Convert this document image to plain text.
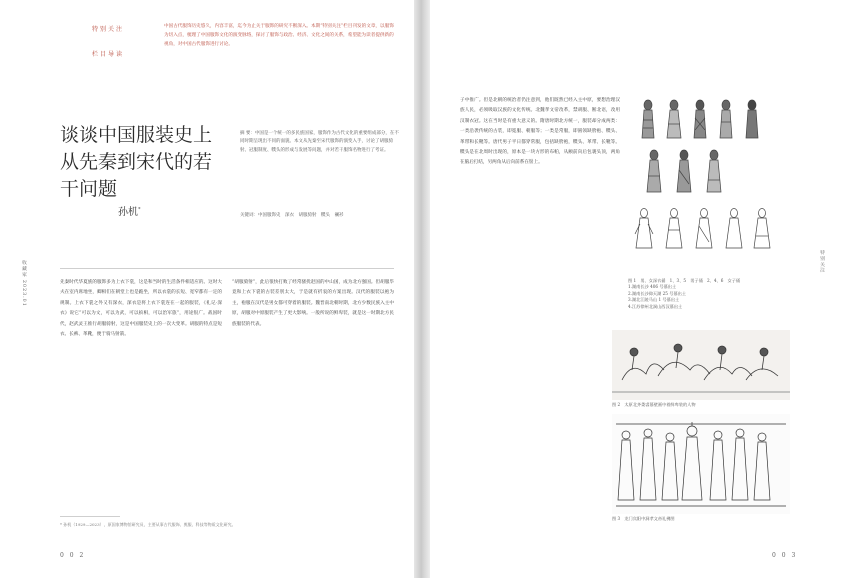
特别关注
栏目导读

中国古代服饰历史悠久，内容丰富，迄今为止关于服饰的研究不断深入。本期“特别关注”栏目刊发的文章，以服饰为切入点，梳理了中国服饰文化的演变脉络，探讨了服饰与政治、经济、文化之间的关系，希望能为读者提供新的视角，对中国古代服饰进行讨论。

收藏家 2023.01
谈谈中国服装史上从先秦到宋代的若干问题
孙机*

摘 要：中国是一个统一的多民族国家，服饰作为古代文化的重要组成部分，在不同时期呈现出不同的面貌。本文从先秦至宋代服饰的演变入手，讨论了胡服骑射、冠服制度、幞头的形成与发展等问题，并对若干服饰名物进行了考证。

关键词：中国服饰史　深衣　胡服骑射　幞头　襕衫

先秦时代华夏族的服饰多为上衣下裳，这是和当时的生活条件相适应的。这时大夫在室内席地坐，卿相们在朝堂上也是跪坐，所以衣裳的长短、宽窄都有一定的规制。上衣下裳之外又有深衣，深衣是将上衣下裳连在一起的服装，《礼记·深衣》说它“可以为文，可以为武，可以摈相，可以治军旅”，用途很广。战国时代，赵武灵王推行胡服骑射，这是中国服装史上的一次大变革。胡服的特点是短衣、长裤、革靴，便于骑马射箭。

“胡服骑射”，此后很快打败了经常骚扰赵国的中山国，成为北方强国。但胡服毕竟和上衣下裳的古装差别太大，于是就有折衷的方案出现。汉代的服装以袍为主，袍服在汉代是男女都可穿着的服装。魏晋南北朝时期，北方少数民族入主中原，胡服对中原服装产生了更大影响。一般所说的鲜卑装，就是这一时期北方民族服装的代表。

* 孙机（1929—2023），原国家博物馆研究员，主要从事古代服饰、舆服、科技等物质文化研究。

0 0 2
特别关注

子中推广。但是北朝的统治者仍注意到，他们既然已经入主中原，要想治理汉族人民，必须吸取汉族的文化传统。北魏孝文帝改革，禁胡服、断北语，改用汉制衣冠。这在当时是有重大意义的。隋唐时期北方统一，服装却分成两类：一类沿袭传统的古装，即冕服、朝服等；一类是常服，即圆领缺胯袍、幞头、革带和长靴等。唐代男子平日都穿常服，包括缺胯袍，幞头、革带、长靴等。幞头是在北周时出现的，原本是一块方形的布帕，从额前向后包裹头顶，两角在脑后打结，另两角从后向前系在髻上。

图 1　男、女深衣俑　1、3、5　男子俑　2、4、6　女子俑

1.湖南长沙 406 号墓出土

2.湖南长沙仰天湖 25 号墓出土

3.湖北江陵马山 1 号墓出土

4.江苏徐州北洞山西汉墓出土

图 2　太原北齐娄睿墓壁画中着鲜卑装的人物

图 3　龙门宾阳中洞孝文帝礼佛图

0 0 3
